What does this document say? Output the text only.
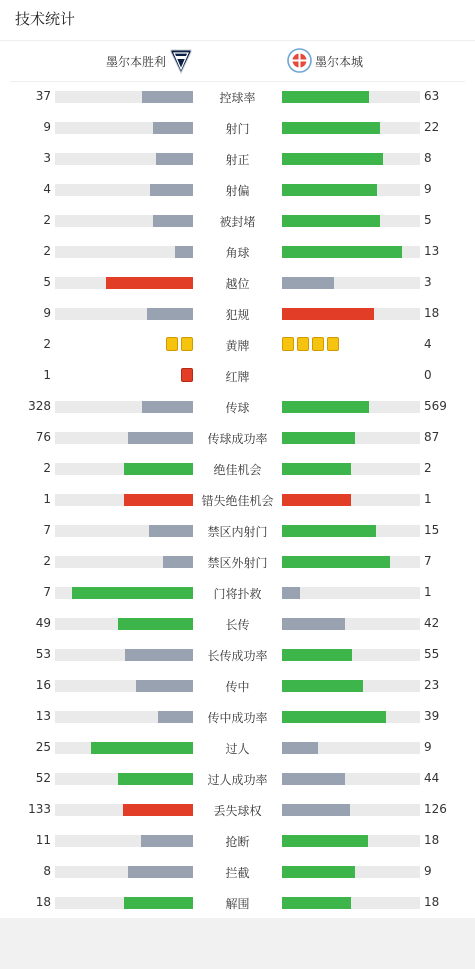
技术统计
墨尔本胜利	墨尔本城
37	控球率	63
9	射门	22
3	射正	8
4	射偏	9
2	被封堵	5
2	角球	13
5	越位	3
9	犯规	18
2	黄牌	4
1	红牌	0
328	传球	569
76	传球成功率	87
2	绝佳机会	2
1	错失绝佳机会	1
7	禁区内射门	15
2	禁区外射门	7
7	门将扑救	1
49	长传	42
53	长传成功率	55
16	传中	23
13	传中成功率	39
25	过人	9
52	过人成功率	44
133	丢失球权	126
11	抢断	18
8	拦截	9
18	解围	18
